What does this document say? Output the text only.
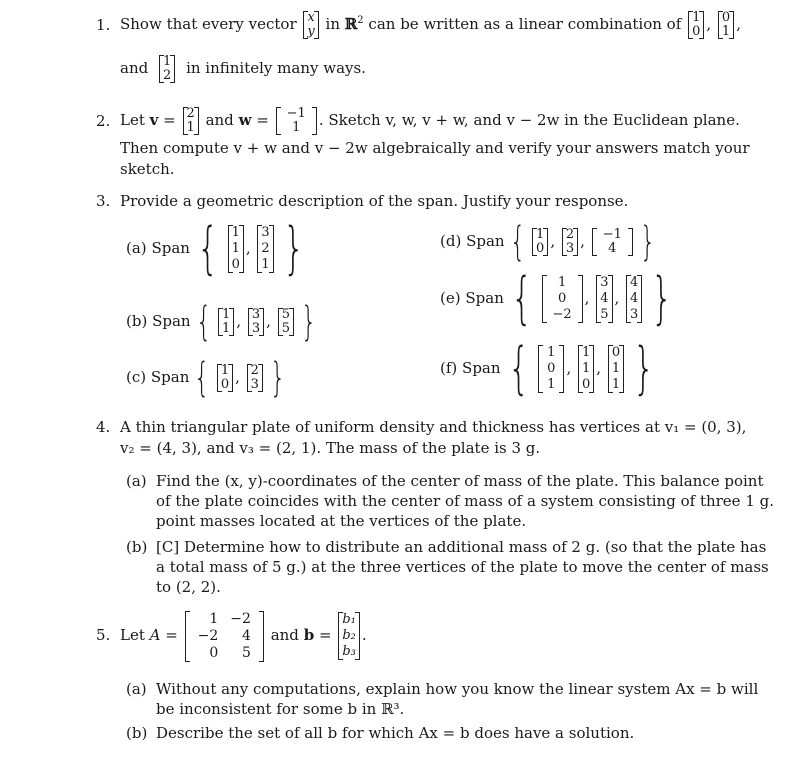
1. Show that every vector x
y in ℝ$^2$ can be written as a linear combination of 1
0 , 0
1 ,
and 1
2 in infinitely many ways.
2. Let v = 2
1 and w = −1
1	. Sketch v, w, v + w, and v − 2w in the Euclidean plane.
Then compute v + w and v − 2w algebraically and verify your answers match your
sketch.
3. Provide a geometric description of the span. Justify your response.
(a) Span { 1
1
0
,
3
2
1 }
(b) Span { 1
1 , 3
3 , 5
5 }
(c) Span { 1
0 , 2
3 }
(d) Span { 1
0 , 2
3 , −1
4 }
(e) Span {	1
0
−2
,
3
4
5
,
4
4
3 }
(f) Span { 1
0
1
,
1
1
0
,
0
1
1 }
4. A thin triangular plate of uniform density and thickness has vertices at v₁ = (0, 3),
v₂ = (4, 3), and v₃ = (2, 1). The mass of the plate is 3 g.
(a) Find the (x, y)-coordinates of the center of mass of the plate. This balance point
of the plate coincides with the center of mass of a system consisting of three 1 g.
point masses located at the vertices of the plate.
(b) [C] Determine how to distribute an additional mass of 2 g. (so that the plate has
a total mass of 5 g.) at the three vertices of the plate to move the center of mass
to (2, 2).
5. Let A =
1	−2
−2	4
0	5
and b =
b₁
b₂
b₃
.
(a) Without any computations, explain how you know the linear system Ax = b will
be inconsistent for some b in ℝ³.
(b) Describe the set of all b for which Ax = b does have a solution.
